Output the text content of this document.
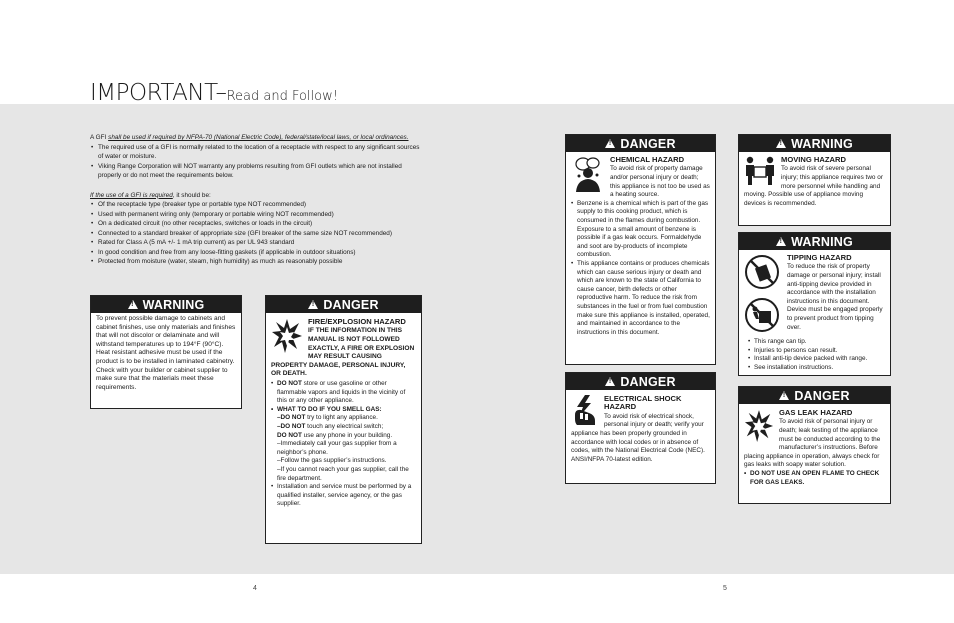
IMPORTANT–Read and Follow!
A GFI shall be used if required by NFPA-70 (National Electric Code), federal/state/local laws, or local ordinances.
• The required use of a GFI is normally related to the location of a receptacle with respect to any significant sources of water or moisture.
• Viking Range Corporation will NOT warranty any problems resulting from GFI outlets which are not installed properly or do not meet the requirements below.
If the use of a GFI is required, it should be:
• Of the receptacle type (breaker type or portable type NOT recommended)
• Used with permanent wiring only (temporary or portable wiring NOT recommended)
• On a dedicated circuit (no other receptacles, switches or loads in the circuit)
• Connected to a standard breaker of appropriate size (GFI breaker of the same size NOT recommended)
• Rated for Class A (5 mA +/- 1 mA trip current) as per UL 943 standard
• In good condition and free from any loose-fitting gaskets (if applicable in outdoor situations)
• Protected from moisture (water, steam, high humidity) as much as reasonably possible
!
WARNING
To prevent possible damage to cabinets and cabinet finishes, use only materials and finishes that will not discolor or delaminate and will withstand temperatures up to 194°F (90°C). Heat resistant adhesive must be used if the product is to be installed in laminated cabinetry. Check with your builder or cabinet supplier to make sure that the materials meet these requirements.
!
DANGER
FIRE/EXPLOSION HAZARD
IF THE INFORMATION IN THIS MANUAL IS NOT FOLLOWED EXACTLY, A FIRE OR EXPLOSION MAY RESULT CAUSING PROPERTY DAMAGE, PERSONAL INJURY, OR DEATH.
• DO NOT store or use gasoline or other flammable vapors and liquids in the vicinity of this or any other appliance.
• WHAT TO DO IF YOU SMELL GAS:
–DO NOT try to light any appliance.
–DO NOT touch any electrical switch;
DO NOT use any phone in your building.
–Immediately call your gas supplier from a neighbor’s phone.
–Follow the gas supplier’s instructions.
–If you cannot reach your gas supplier, call the fire department.
• Installation and service must be performed by a qualified installer, service agency, or the gas supplier.
!
DANGER
CHEMICAL HAZARD
To avoid risk of property damage and/or personal injury or death; this appliance is not too be used as a heating source.
• Benzene is a chemical which is part of the gas supply to this cooking product, which is consumed in the flames during combustion. Exposure to a small amount of benzene is possible if a gas leak occurs. Formaldehyde and soot are by-products of incomplete combustion.
• This appliance contains or produces chemicals which can cause serious injury or death and which are known to the state of California to cause cancer, birth defects or other reproductive harm. To reduce the risk from substances in the fuel or from fuel combustion make sure this appliance is installed, operated, and maintained in accordance to the instructions in this document.
!
DANGER
ELECTRICAL SHOCK HAZARD
To avoid risk of electrical shock, personal injury or death; verify your appliance has been properly grounded in accordance with local codes or in absence of codes, with the National Electrical Code (NEC). ANSI/NFPA 70-latest edition.
!
WARNING
MOVING HAZARD
To avoid risk of severe personal injury; this appliance requires two or more personnel while handling and moving. Possible use of appliance moving devices is recommended.
!
WARNING

TIPPING HAZARD
To reduce the risk of property damage or personal injury; install anti-tipping device provided in accordance with the installation instructions in this document. Device must be engaged properly to prevent product from tipping over.
• This range can tip.
• Injuries to persons can result.
• Install anti-tip device packed with range.
• See installation instructions.
!
DANGER
GAS LEAK HAZARD
To avoid risk of personal injury or death; leak testing of the appliance must be conducted according to the manufacturer’s instructions. Before placing appliance in operation, always check for gas leaks with soapy water solution.
• DO NOT USE AN OPEN FLAME TO CHECK FOR GAS LEAKS.
4	5
